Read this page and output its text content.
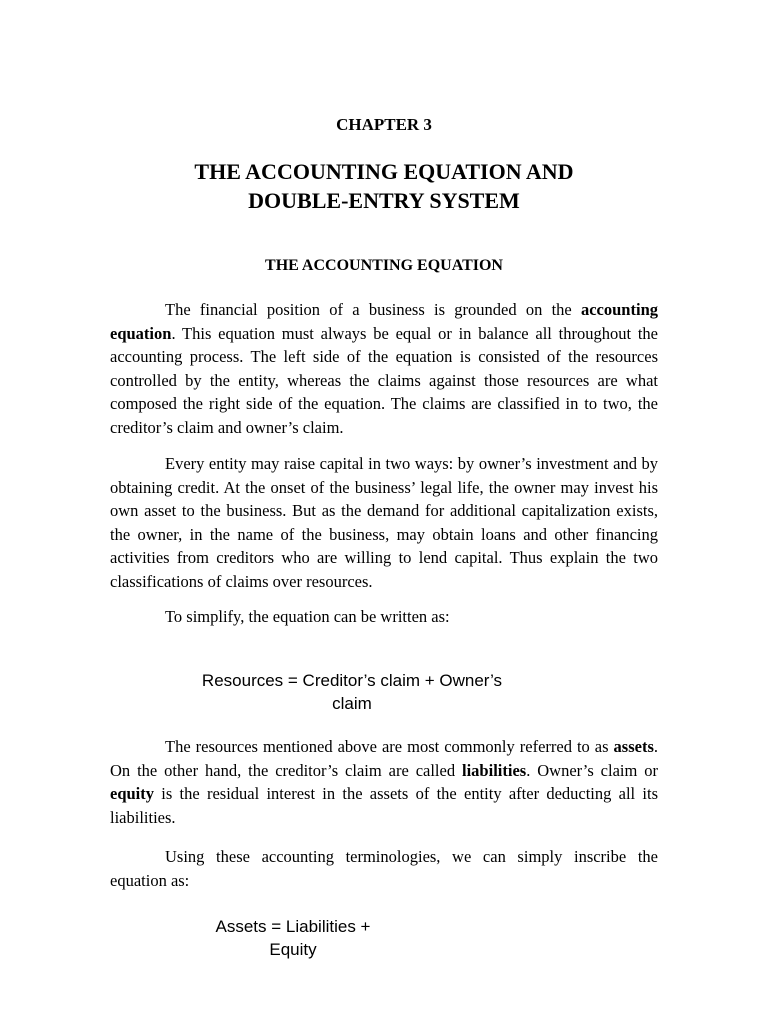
CHAPTER 3
THE ACCOUNTING EQUATION AND
DOUBLE-ENTRY SYSTEM
THE ACCOUNTING EQUATION

The financial position of a business is grounded on the accounting equation. This equation must always be equal or in balance all throughout the accounting process. The left side of the equation is consisted of the resources controlled by the entity, whereas the claims against those resources are what composed the right side of the equation. The claims are classified in to two, the creditor’s claim and owner’s claim.

Every entity may raise capital in two ways: by owner’s investment and by obtaining credit. At the onset of the business’ legal life, the owner may invest his own asset to the business. But as the demand for additional capitalization exists, the owner, in the name of the business, may obtain loans and other financing activities from creditors who are willing to lend capital. Thus explain the two classifications of claims over resources.

To simplify, the equation can be written as:

Resources = Creditor’s claim + Owner’s
claim

The resources mentioned above are most commonly referred to as assets. On the other hand, the creditor’s claim are called liabilities. Owner’s claim or equity is the residual interest in the assets of the entity after deducting all its liabilities.

Using these accounting terminologies, we can simply inscribe the equation as:

Assets = Liabilities +
Equity
